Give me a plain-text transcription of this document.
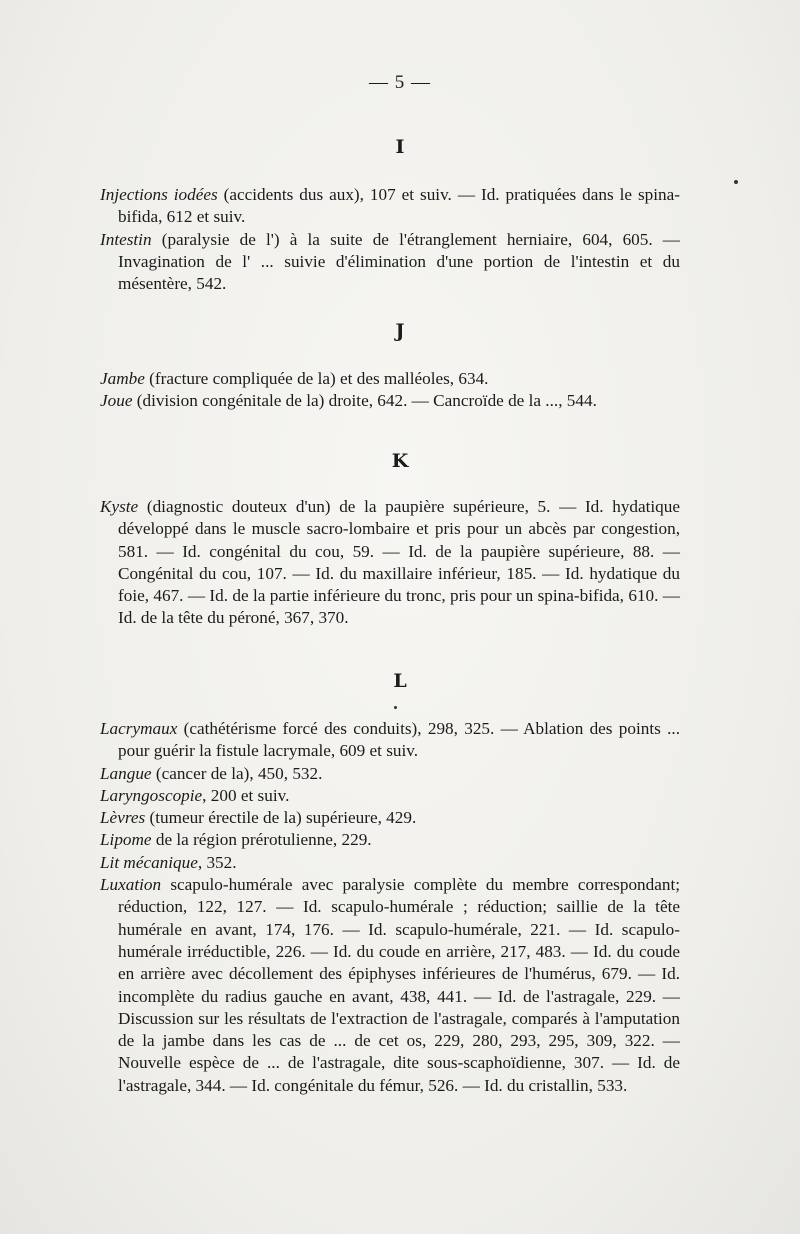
— 5 —
I

Injections iodées (accidents dus aux), 107 et suiv. — Id. pratiquées dans le spina-bifida, 612 et suiv.

Intestin (paralysie de l') à la suite de l'étranglement herniaire, 604, 605. — Invagination de l' ... suivie d'élimination d'une portion de l'intestin et du mésentère, 542.

J

Jambe (fracture compliquée de la) et des malléoles, 634.

Joue (division congénitale de la) droite, 642. — Cancroïde de la ..., 544.

K

Kyste (diagnostic douteux d'un) de la paupière supérieure, 5. — Id. hydatique développé dans le muscle sacro-lombaire et pris pour un abcès par congestion, 581. — Id. congénital du cou, 59. — Id. de la paupière supérieure, 88. — Congénital du cou, 107. — Id. du maxillaire inférieur, 185. — Id. hydatique du foie, 467. — Id. de la partie inférieure du tronc, pris pour un spina-bifida, 610. — Id. de la tête du péroné, 367, 370.

L

Lacrymaux (cathétérisme forcé des conduits), 298, 325. — Ablation des points ... pour guérir la fistule lacrymale, 609 et suiv.

Langue (cancer de la), 450, 532.

Laryngoscopie, 200 et suiv.

Lèvres (tumeur érectile de la) supérieure, 429.

Lipome de la région prérotulienne, 229.

Lit mécanique, 352.

Luxation scapulo-humérale avec paralysie complète du membre correspondant; réduction, 122, 127. — Id. scapulo-humérale ; réduction; saillie de la tête humérale en avant, 174, 176. — Id. scapulo-humérale, 221. — Id. scapulo-humérale irréductible, 226. — Id. du coude en arrière, 217, 483. — Id. du coude en arrière avec décollement des épiphyses inférieures de l'humérus, 679. — Id. incomplète du radius gauche en avant, 438, 441. — Id. de l'astragale, 229. — Discussion sur les résultats de l'extraction de l'astragale, comparés à l'amputation de la jambe dans les cas de ... de cet os, 229, 280, 293, 295, 309, 322. — Nouvelle espèce de ... de l'astragale, dite sous-scaphoïdienne, 307. — Id. de l'astragale, 344. — Id. congénitale du fémur, 526. — Id. du cristallin, 533.
